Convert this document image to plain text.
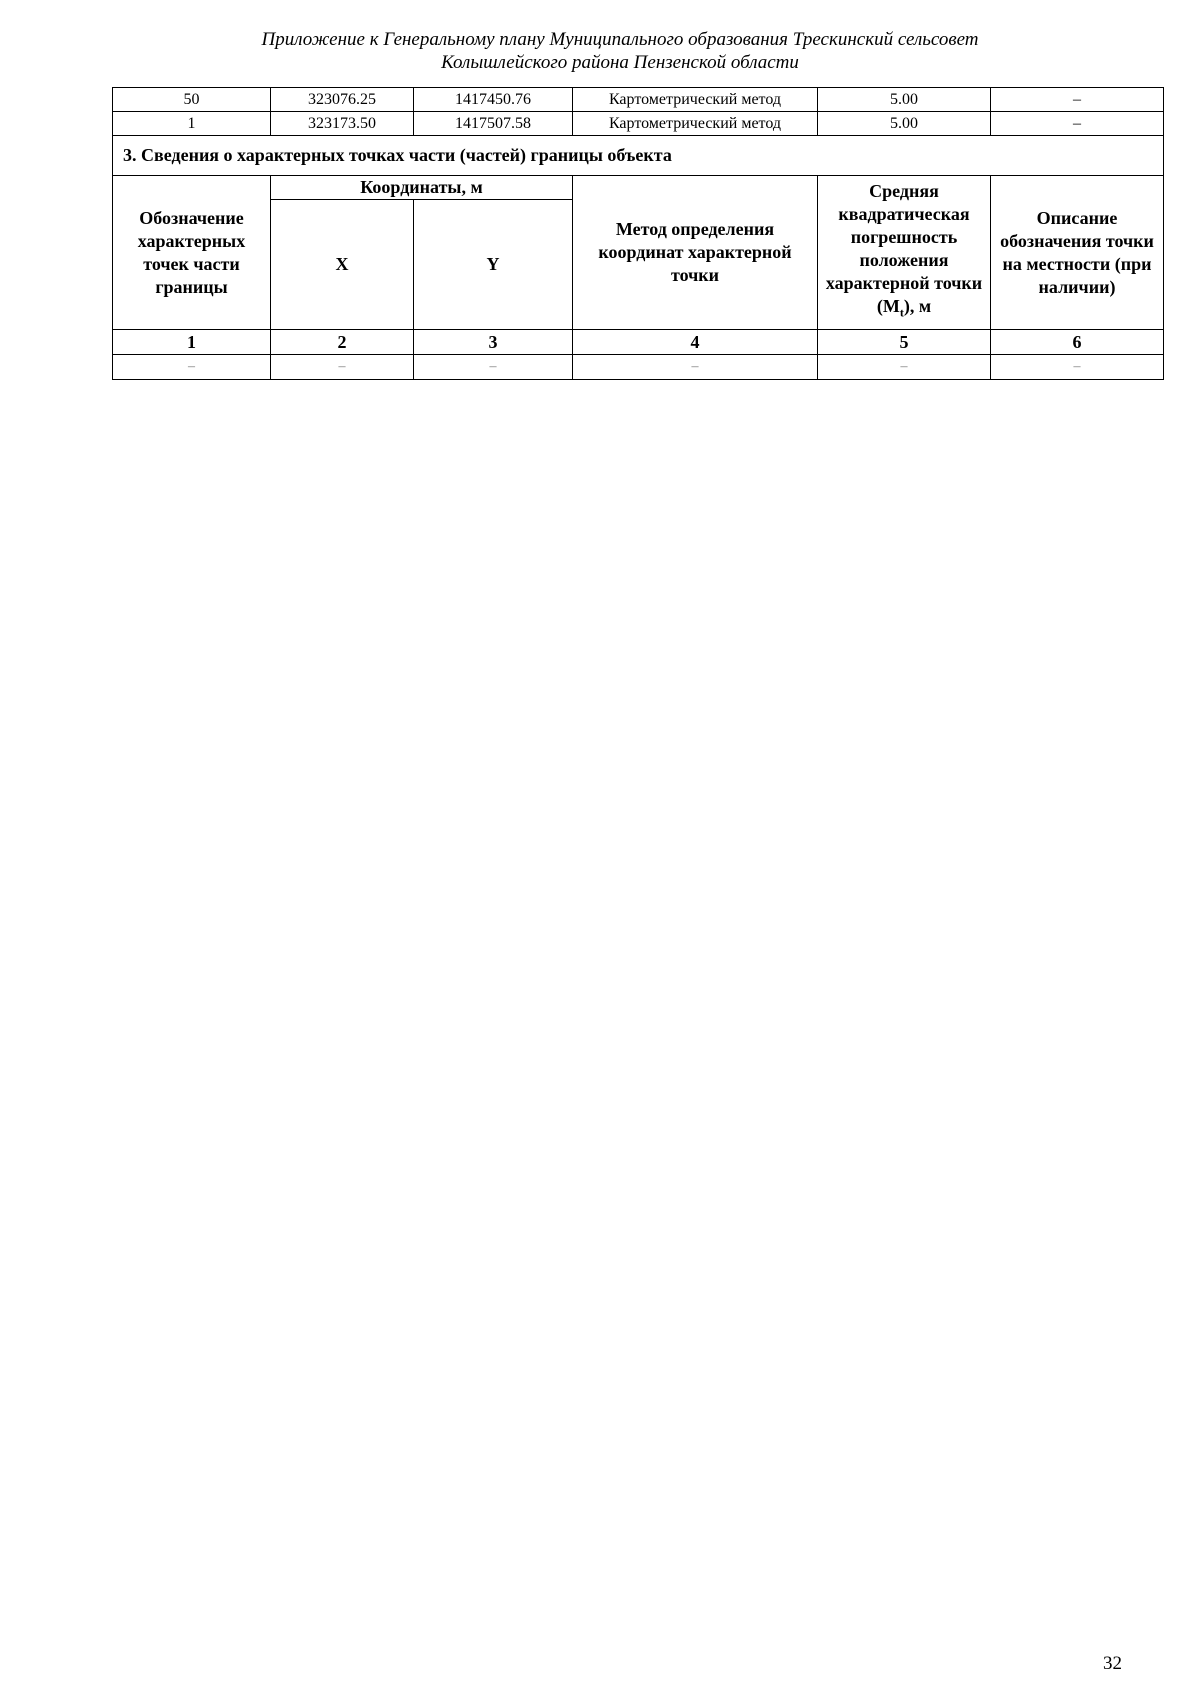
Приложение к Генеральному плану Муниципального образования Трескинский сельсовет
Колышлейского района Пензенской области
50	323076.25	1417450.76	Картометрический метод	5.00	–
1	323173.50	1417507.58	Картометрический метод	5.00	–
3. Сведения о характерных точках части (частей) границы объекта					
Обозначение характерных точек части границы	Координаты, м		Метод определения координат характерной точки	Средняя квадратическая погрешность положения характерной точки $(M_t)$, м	Описание обозначения точки на местности (при наличии)
	X	Y			
1	2	3	4	5	6
–	–	–	–	–	–
32
